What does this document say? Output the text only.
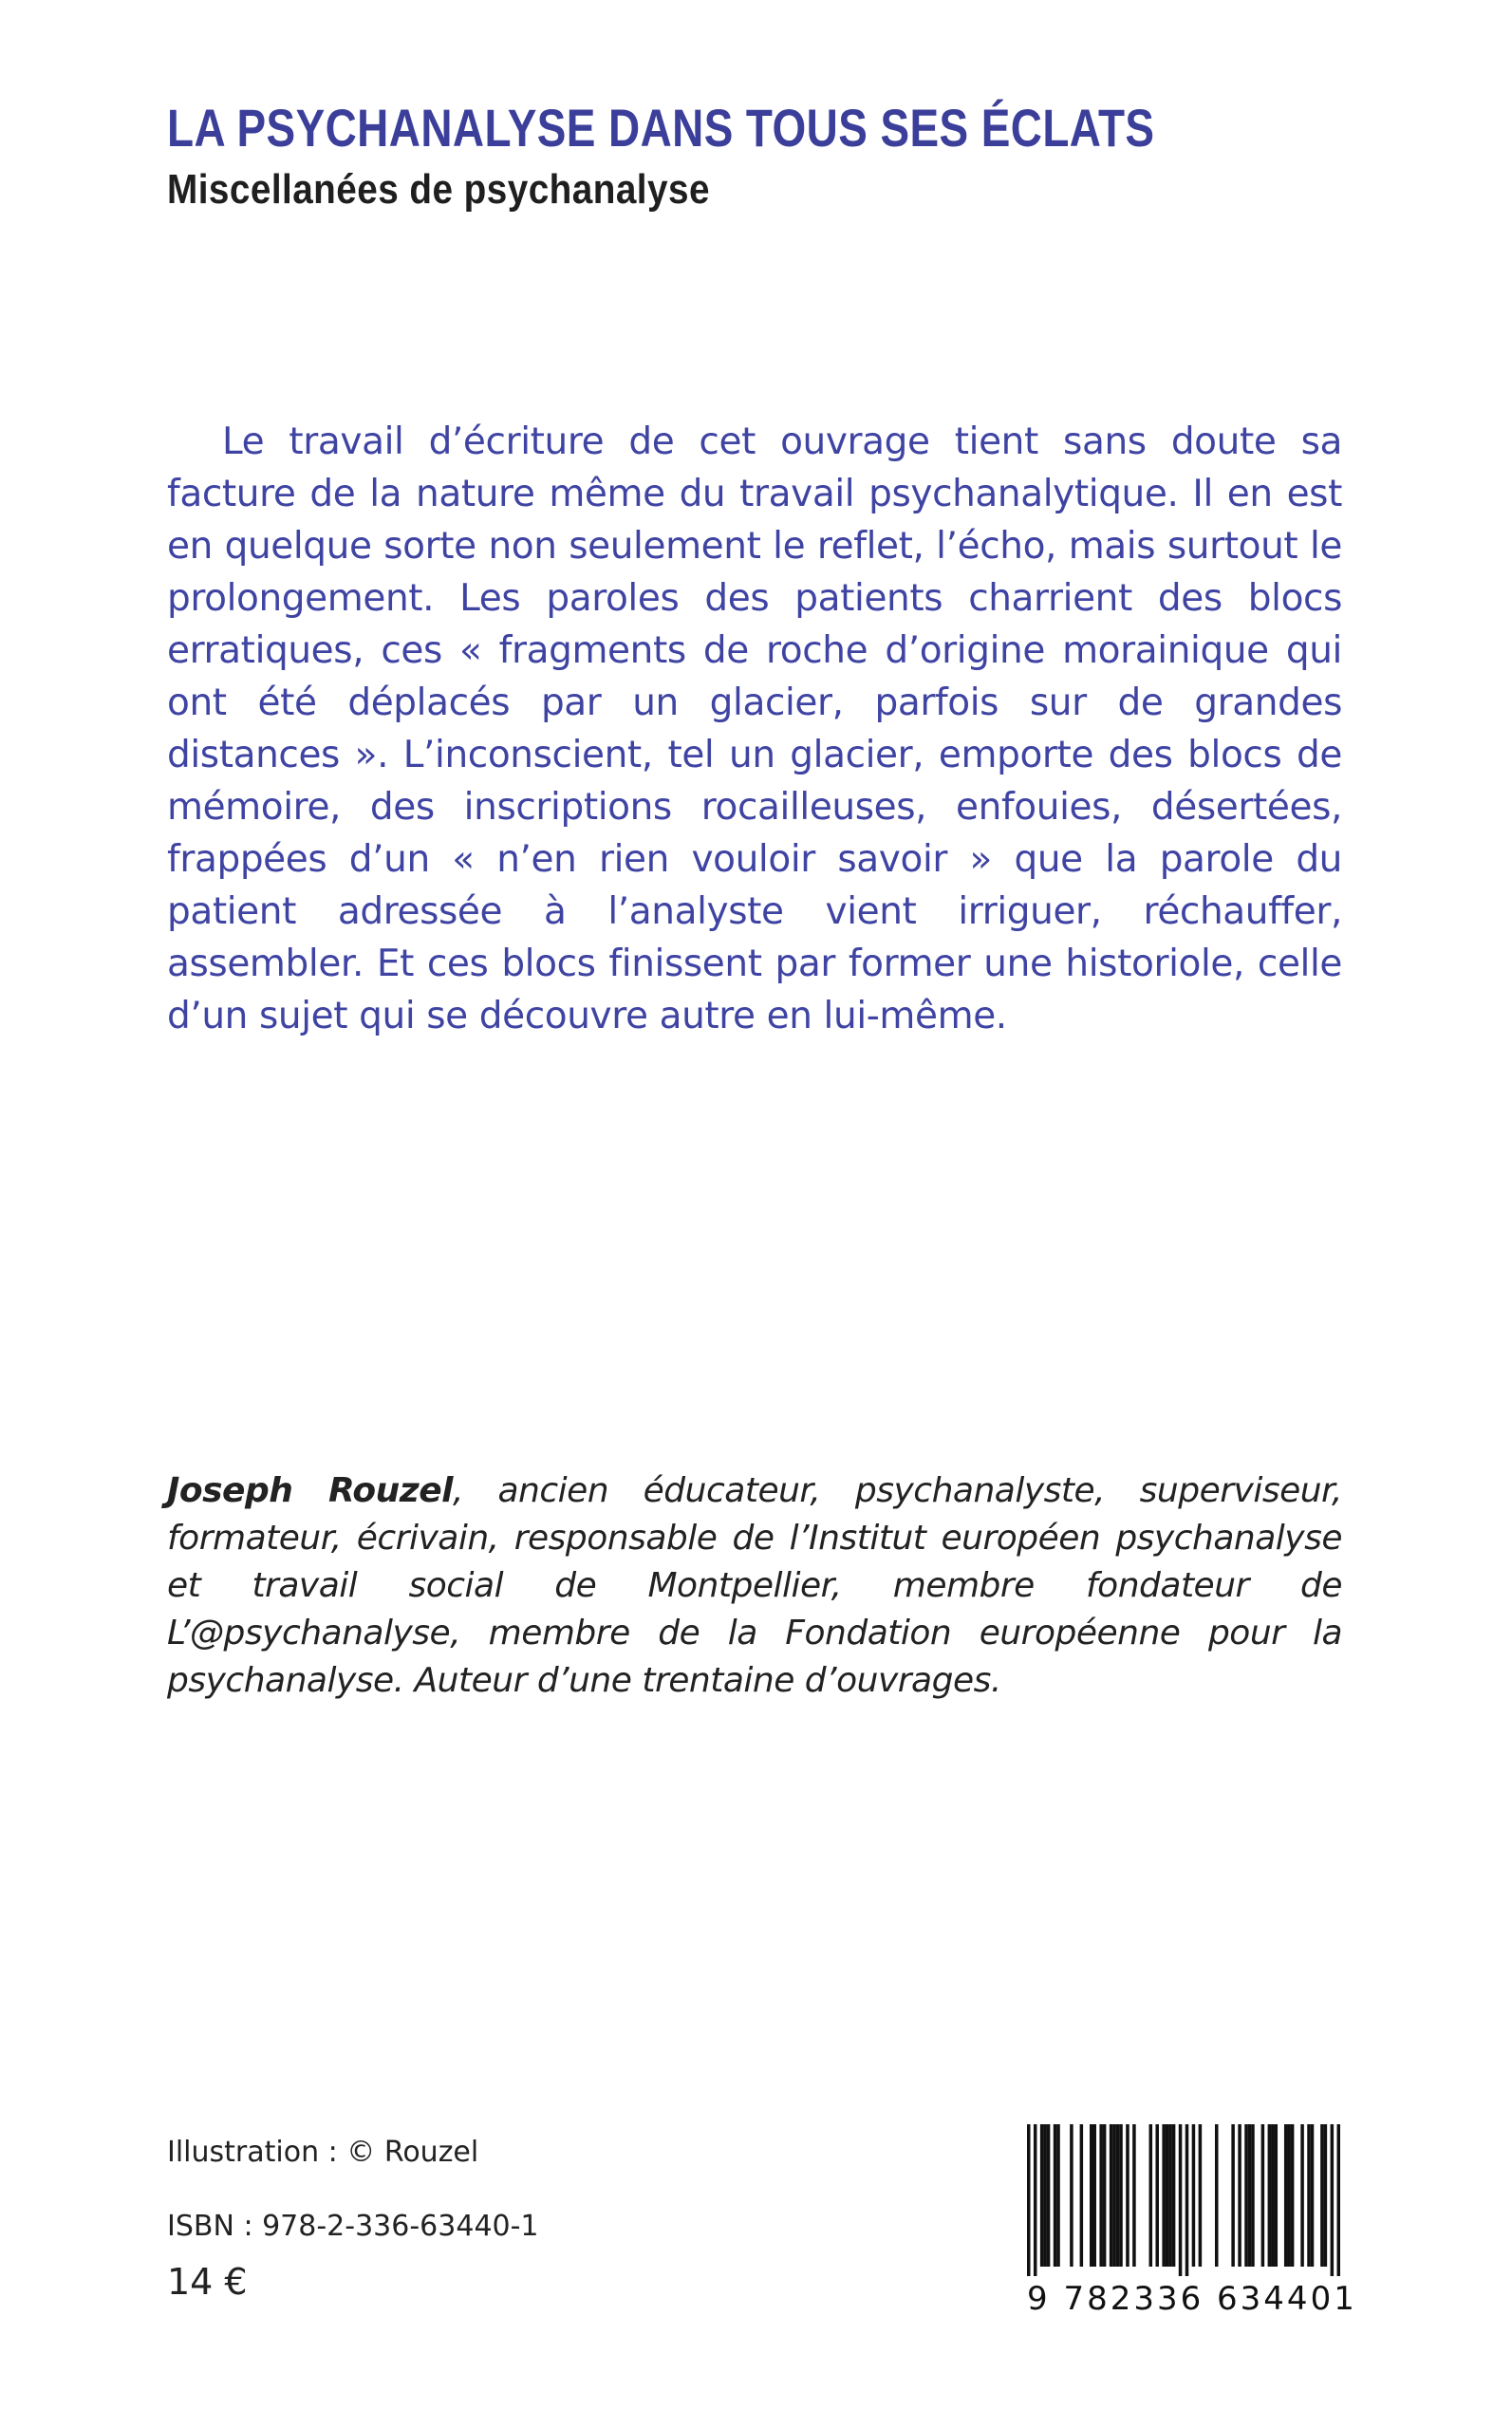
LA PSYCHANALYSE DANS TOUS SES ÉCLATS
Miscellanées de psychanalyse

Le travail d’écriture de cet ouvrage tient sans doute sa facture de la nature même du travail psychanalytique. Il en est en quelque sorte non seulement le reflet, l’écho, mais surtout le prolongement. Les paroles des patients charrient des blocs erratiques, ces « fragments de roche d’origine morainique qui ont été déplacés par un glacier, parfois sur de grandes distances ». L’inconscient, tel un glacier, emporte des blocs de mémoire, des inscriptions rocailleuses, enfouies, désertées, frappées d’un « n’en rien vouloir savoir » que la parole du patient adressée à l’analyste vient irriguer, réchauffer, assembler. Et ces blocs finissent par former une historiole, celle d’un sujet qui se découvre autre en lui-même.

Joseph Rouzel, ancien éducateur, psychanalyste, superviseur, formateur, écrivain, responsable de l’Institut européen psychanalyse et travail social de Montpellier, membre fondateur de L’@psychanalyse, membre de la Fondation européenne pour la psychanalyse. Auteur d’une trentaine d’ouvrages.

Illustration : © Rouzel
ISBN : 978-2-336-63440-1
14 €	9 782336 634401
